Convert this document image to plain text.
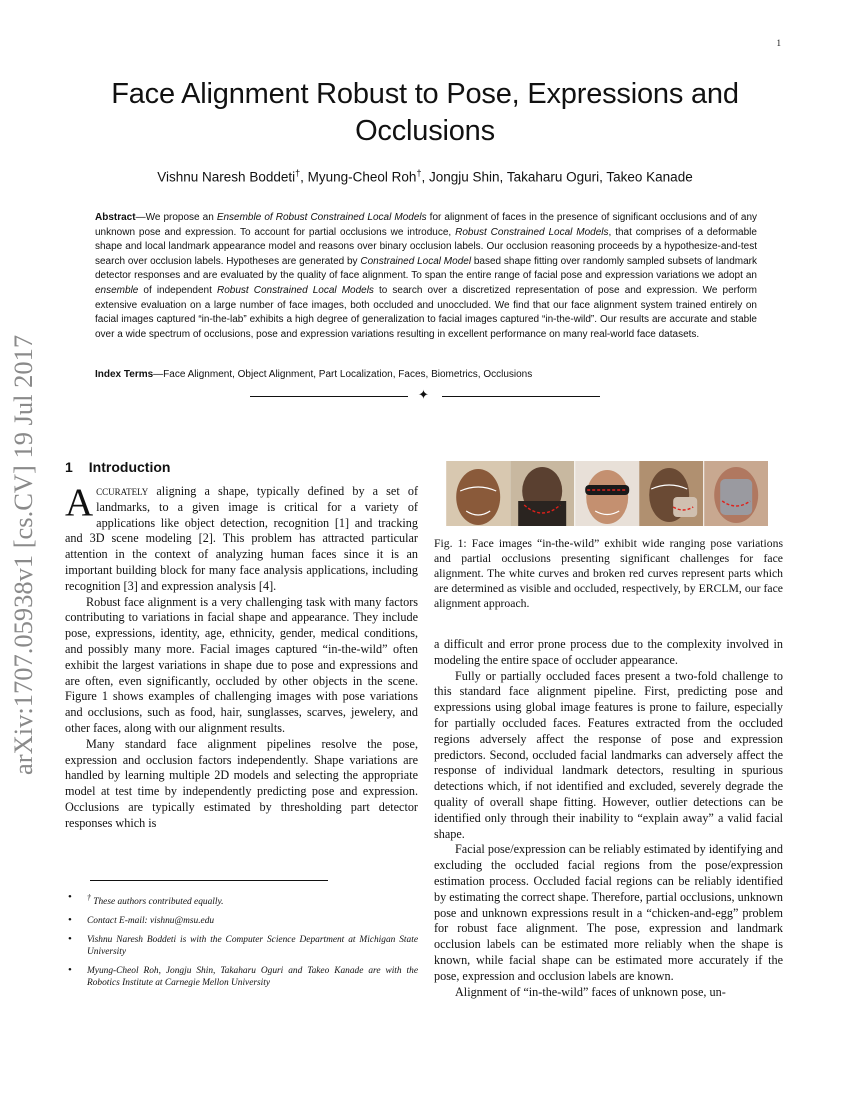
1
arXiv:1707.05938v1 [cs.CV] 19 Jul 2017
Face Alignment Robust to Pose, Expressions and
Occlusions
Vishnu Naresh Boddeti†, Myung-Cheol Roh†, Jongju Shin, Takaharu Oguri, Takeo Kanade
Abstract—We propose an Ensemble of Robust Constrained Local Models for alignment of faces in the presence of significant occlusions and of any unknown pose and expression. To account for partial occlusions we introduce, Robust Constrained Local Models, that comprises of a deformable shape and local landmark appearance model and reasons over binary occlusion labels. Our occlusion reasoning proceeds by a hypothesize-and-test search over occlusion labels. Hypotheses are generated by Constrained Local Model based shape fitting over randomly sampled subsets of landmark detector responses and are evaluated by the quality of face alignment. To span the entire range of facial pose and expression variations we adopt an ensemble of independent Robust Constrained Local Models to search over a discretized representation of pose and expression. We perform extensive evaluation on a large number of face images, both occluded and unoccluded. We find that our face alignment system trained entirely on facial images captured “in-the-lab” exhibits a high degree of generalization to facial images captured “in-the-wild”. Our results are accurate and stable over a wide spectrum of occlusions, pose and expression variations resulting in excellent performance on many real-world face datasets.
Index Terms—Face Alignment, Object Alignment, Part Localization, Faces, Biometrics, Occlusions
✦
1 Introduction

Accurately aligning a shape, typically defined by a set of landmarks, to a given image is critical for a variety of applications like object detection, recognition [1] and tracking and 3D scene modeling [2]. This problem has attracted particular attention in the context of analyzing human faces since it is an important building block for many face analysis applications, including recognition [3] and expression analysis [4].

Robust face alignment is a very challenging task with many factors contributing to variations in facial shape and appearance. They include pose, expressions, identity, age, ethnicity, gender, medical conditions, and possibly many more. Facial images captured “in-the-wild” often exhibit the largest variations in shape due to pose and expressions and are often, even significantly, occluded by other objects in the scene. Figure 1 shows examples of challenging images with pose variations and occlusions, such as food, hair, sunglasses, scarves, jewelery, and other faces, along with our alignment results.

Many standard face alignment pipelines resolve the pose, expression and occlusion factors independently. Shape variations are handled by learning multiple 2D models and selecting the appropriate model at test time by independently predicting pose and expression. Occlusions are typically estimated by thresholding part detector responses which is

• † These authors contributed equally.
• Contact E-mail: vishnu@msu.edu
• Vishnu Naresh Boddeti is with the Computer Science Department at Michigan State University
• Myung-Cheol Roh, Jongju Shin, Takaharu Oguri and Takeo Kanade are with the Robotics Institute at Carnegie Mellon University
Fig. 1: Face images “in-the-wild” exhibit wide ranging pose variations and partial occlusions presenting significant challenges for face alignment. The white curves and broken red curves represent parts which are determined as visible and occluded, respectively, by ERCLM, our face alignment approach.

a difficult and error prone process due to the complexity involved in modeling the entire space of occluder appearance.

Fully or partially occluded faces present a two-fold challenge to this standard face alignment pipeline. First, predicting pose and expressions using global image features is prone to failure, especially for partially occluded faces. Features extracted from the occluded regions adversely affect the response of pose and expression predictors. Second, occluded facial landmarks can adversely affect the response of individual landmark detectors, resulting in spurious detections which, if not identified and excluded, severely degrade the quality of overall shape fitting. However, outlier detections can be identified only through their inability to “explain away” a valid facial shape.

Facial pose/expression can be reliably estimated by identifying and excluding the occluded facial regions from the pose/expression estimation process. Occluded facial regions can be reliably identified by estimating the correct shape. Therefore, partial occlusions, unknown pose and unknown expressions result in a “chicken-and-egg” problem for robust face alignment. The pose, expression and landmark occlusion labels can be estimated more reliably when the shape is known, while facial shape can be estimated more accurately if the pose, expression and occlusion labels are known.

Alignment of “in-the-wild” faces of unknown pose, un-
